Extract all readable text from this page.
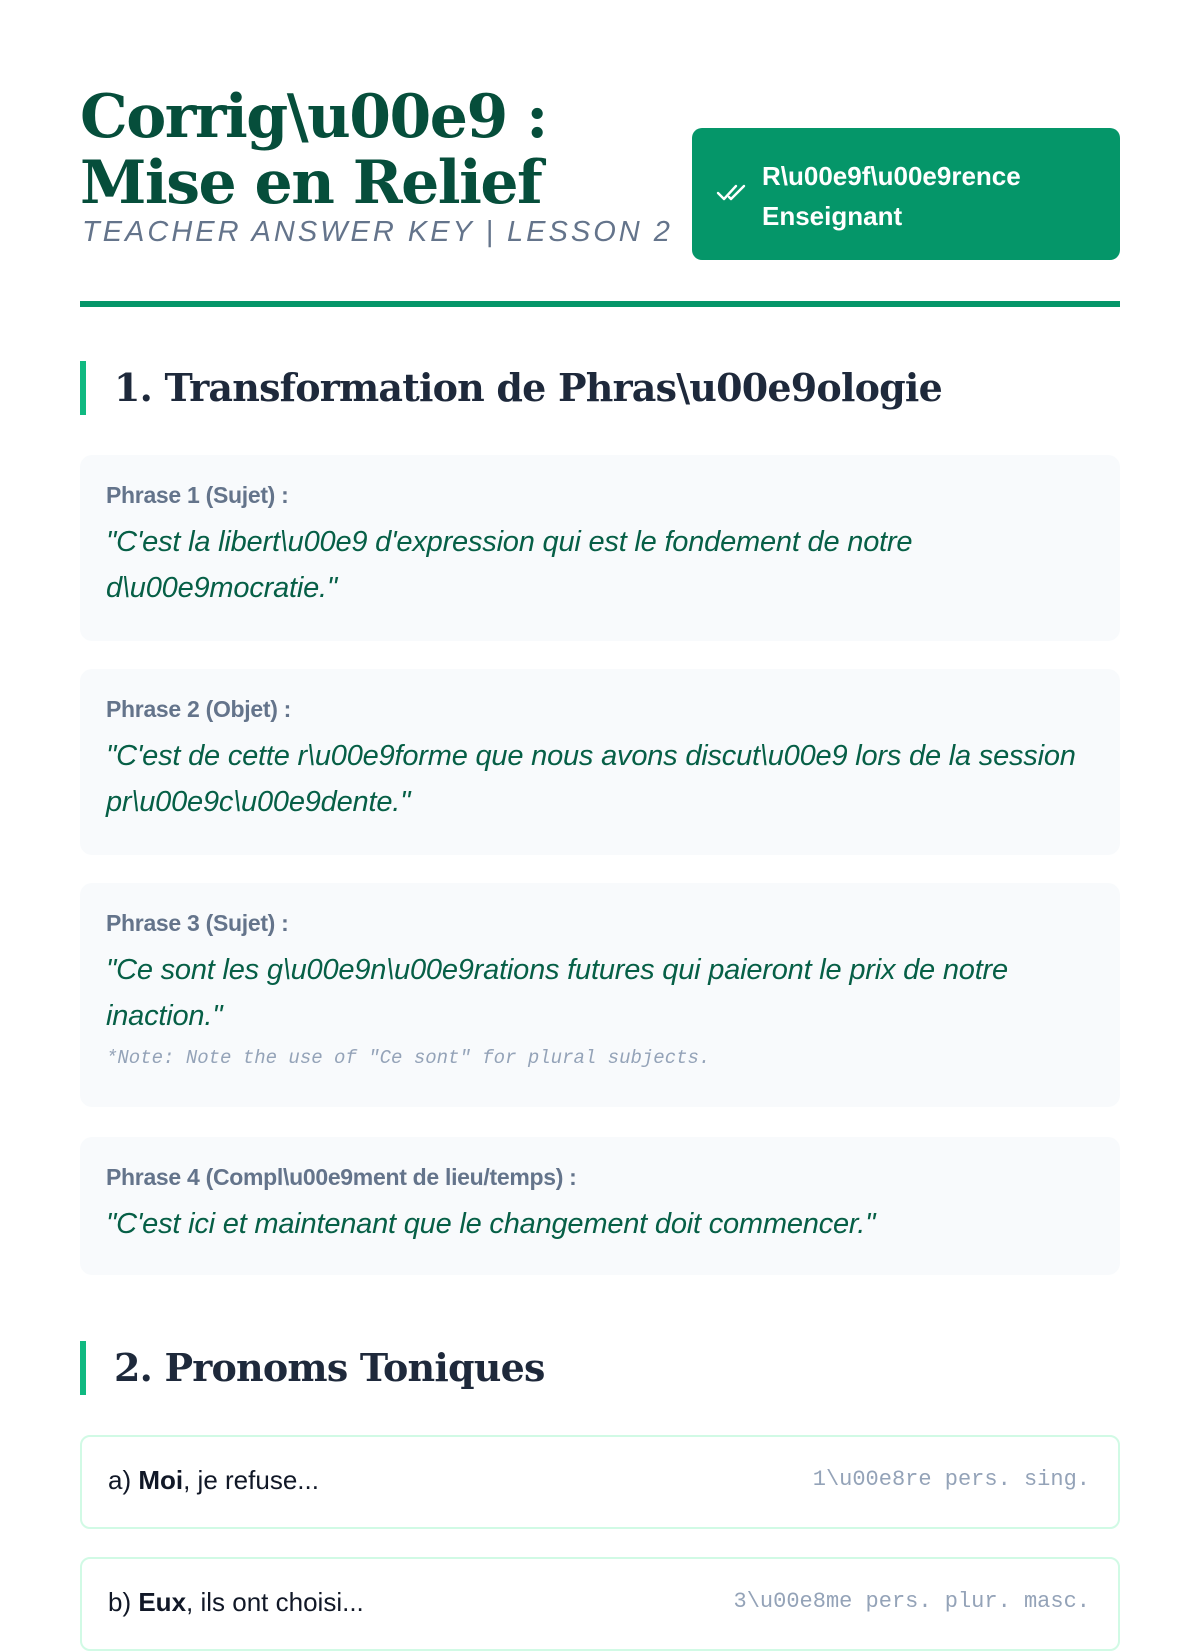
Corrig\u00e9 : Mise en Relief
TEACHER ANSWER KEY | LESSON 2
R\u00e9f\u00e9rence
Enseignant
1. Transformation de Phras\u00e9ologie
Phrase 1 (Sujet) :
"C'est la libert\u00e9 d'expression qui est le fondement de notre d\u00e9mocratie."
Phrase 2 (Objet) :
"C'est de cette r\u00e9forme que nous avons discut\u00e9 lors de la session pr\u00e9c\u00e9dente."
Phrase 3 (Sujet) :
"Ce sont les g\u00e9n\u00e9rations futures qui paieront le prix de notre inaction."
*Note: Note the use of "Ce sont" for plural subjects.
Phrase 4 (Compl\u00e9ment de lieu/temps) :
"C'est ici et maintenant que le changement doit commencer."
2. Pronoms Toniques
a) Moi, je refuse...	1\u00e8re pers. sing.
b) Eux, ils ont choisi...	3\u00e8me pers. plur. masc.
